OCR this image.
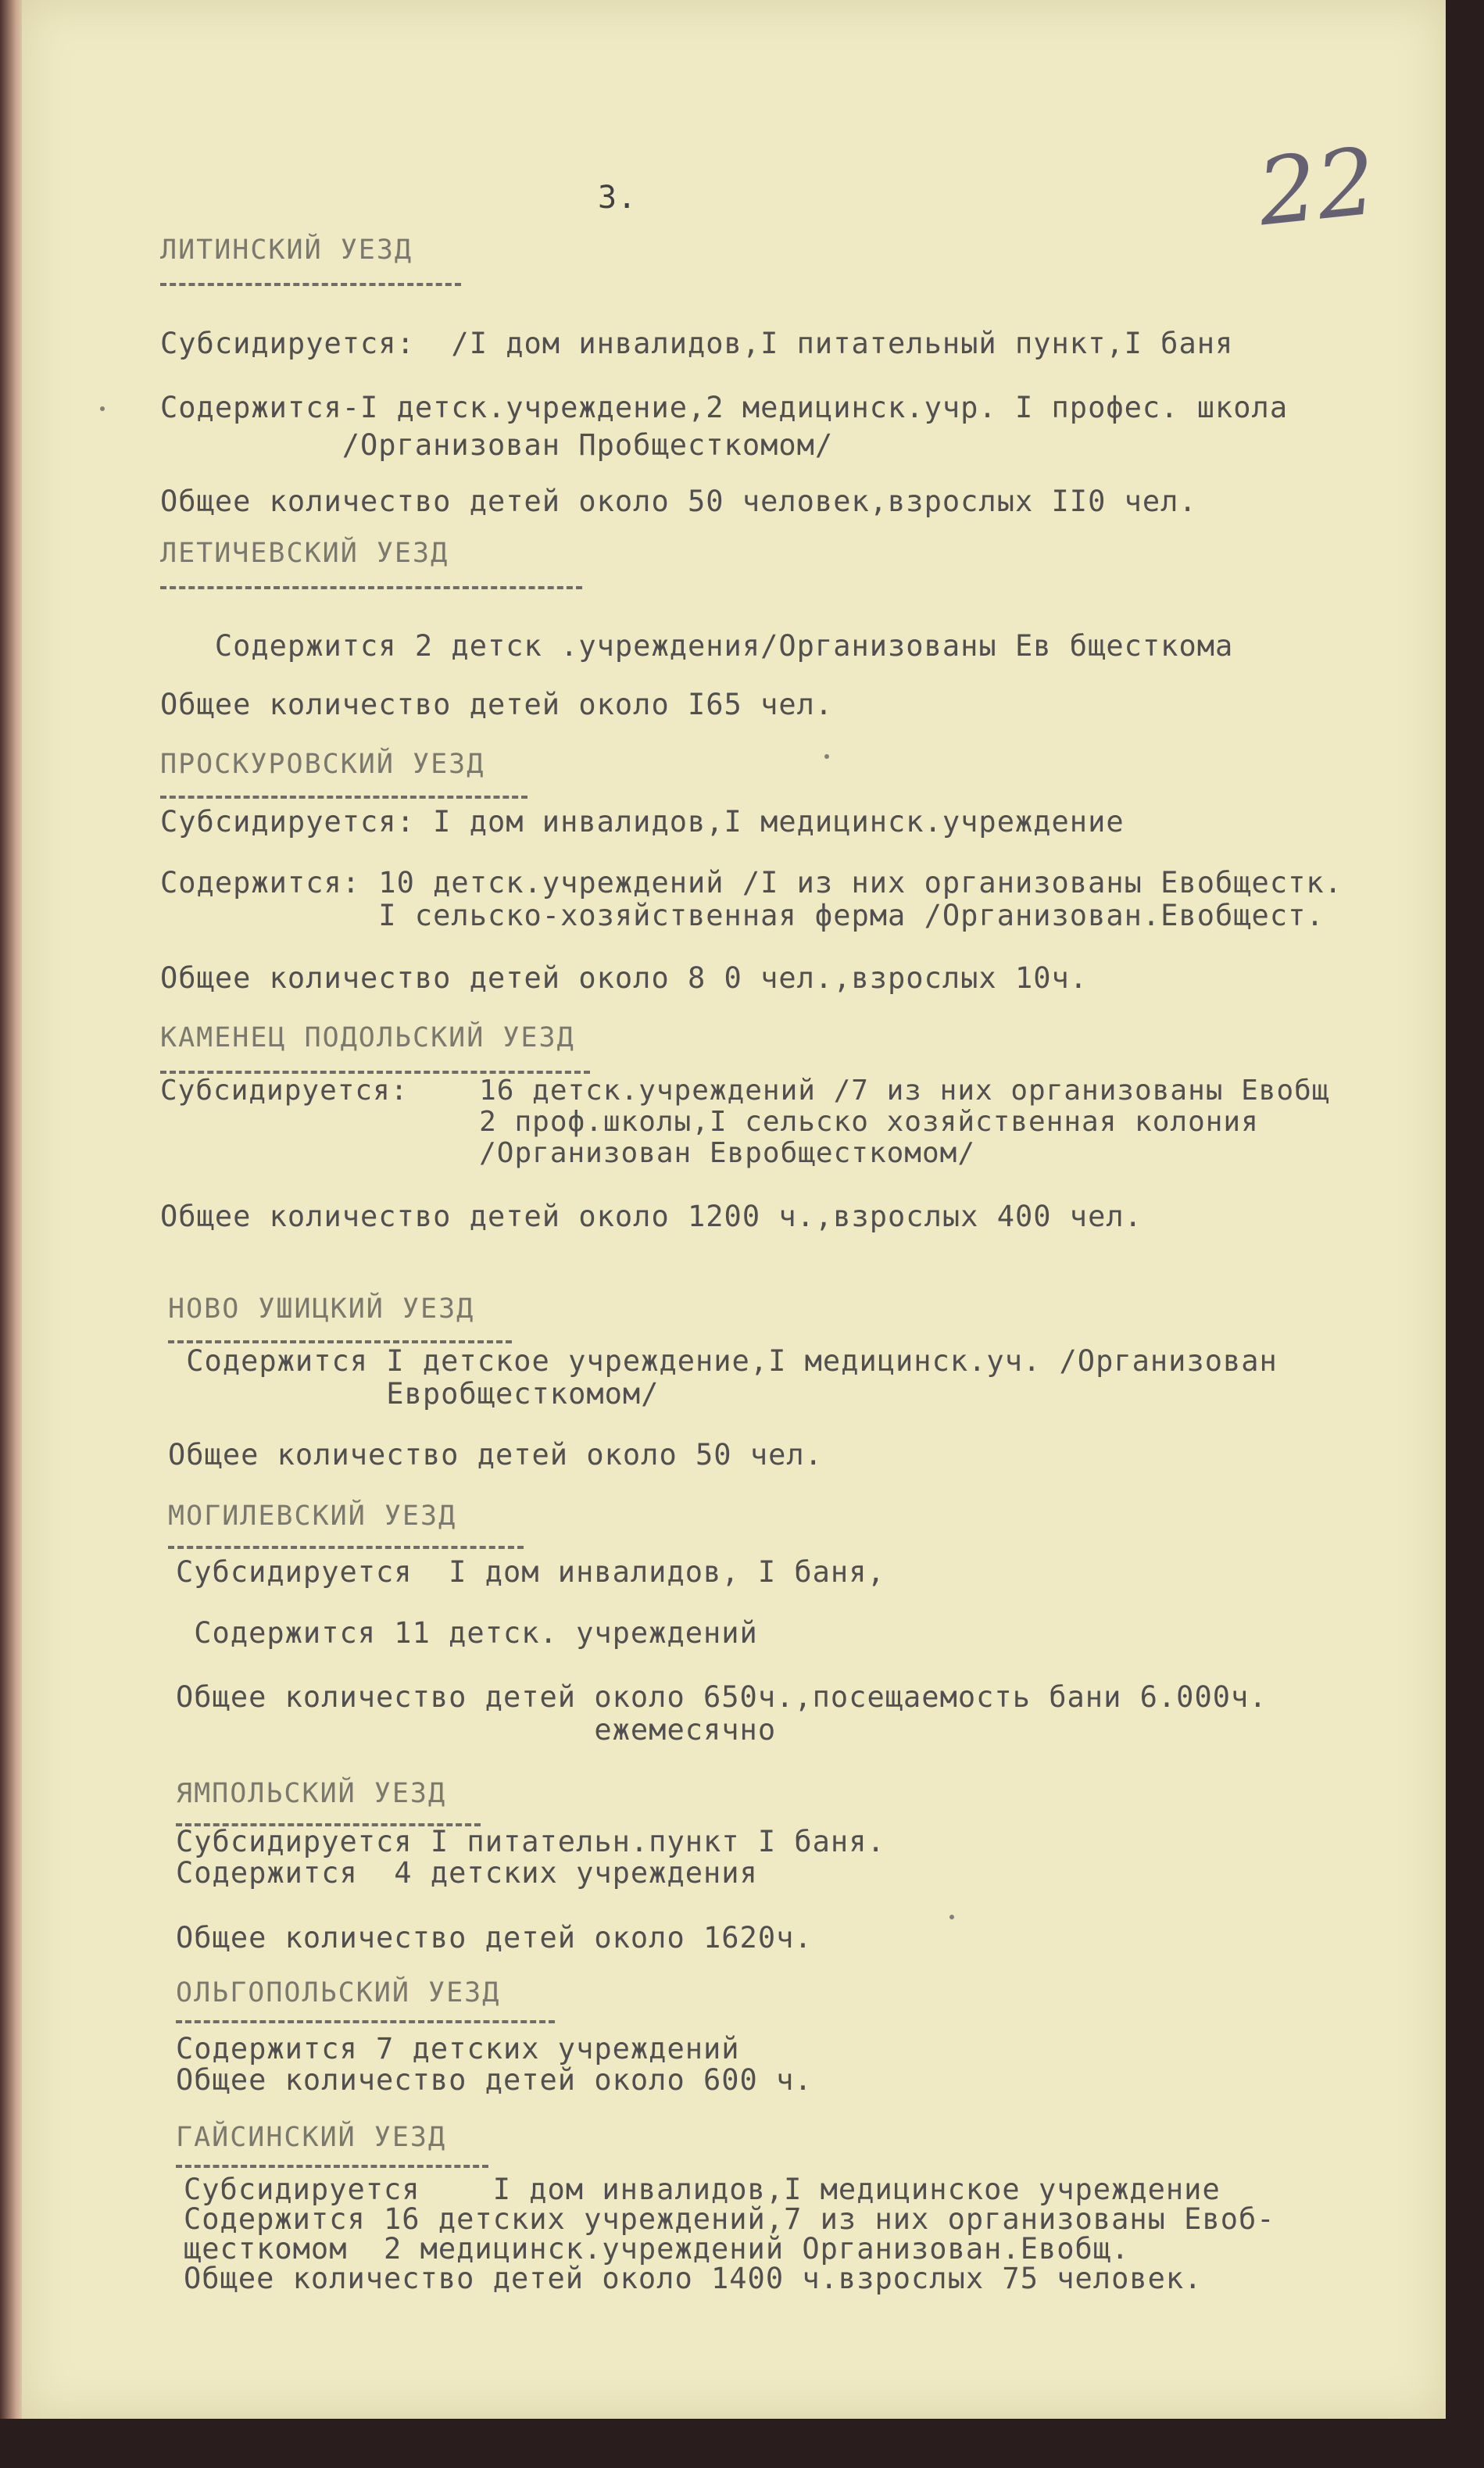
3.	22
ЛИТИНСКИЙ УЕЗД
Субсидируется:  /I дом инвалидов,I питательный пункт,I баня
Содержится-I детск.учреждение,2 медицинск.учр. I профес. школа
/Организован Пробщесткомом/
Общее количество детей около 50 человек,взрослых II0 чел.
ЛЕТИЧЕВСКИЙ УЕЗД
Содержится 2 детск .учреждения/Организованы Ев бщесткома
Общее количество детей около I65 чел.
ПРОСКУРОВСКИЙ УЕЗД
Субсидируется: I дом инвалидов,I медицинск.учреждение
Содержится: 10 детск.учреждений /I из них организованы Евобщестк.
I сельско-хозяйственная ферма /Организован.Евобщест.
Общее количество детей около 8 0 чел.,взрослых 10ч.
КАМЕНЕЦ ПОДОЛЬСКИЙ УЕЗД
Субсидируется:    16 детск.учреждений /7 из них организованы Евобщ
2 проф.школы,I сельско хозяйственная колония
/Организован Евробщесткомом/
Общее количество детей около 1200 ч.,взрослых 400 чел.
НОВО УШИЦКИЙ УЕЗД
Содержится I детское учреждение,I медицинск.уч. /Организован
Евробщесткомом/
Общее количество детей около 50 чел.
МОГИЛЕВСКИЙ УЕЗД
Субсидируется  I дом инвалидов, I баня,
Содержится 11 детск. учреждений
Общее количество детей около 650ч.,посещаемость бани 6.000ч.
ежемесячно
ЯМПОЛЬСКИЙ УЕЗД
Субсидируется I питательн.пункт I баня.
Содержится  4 детских учреждения
Общее количество детей около 1620ч.
ОЛЬГОПОЛЬСКИЙ УЕЗД
Содержится 7 детских учреждений
Общее количество детей около 600 ч.
ГАЙСИНСКИЙ УЕЗД
Субсидируется    I дом инвалидов,I медицинское учреждение
Содержится 16 детских учреждений,7 из них организованы Евоб-
щесткомом  2 медицинск.учреждений Организован.Евобщ.
Общее количество детей около 1400 ч.взрослых 75 человек.
